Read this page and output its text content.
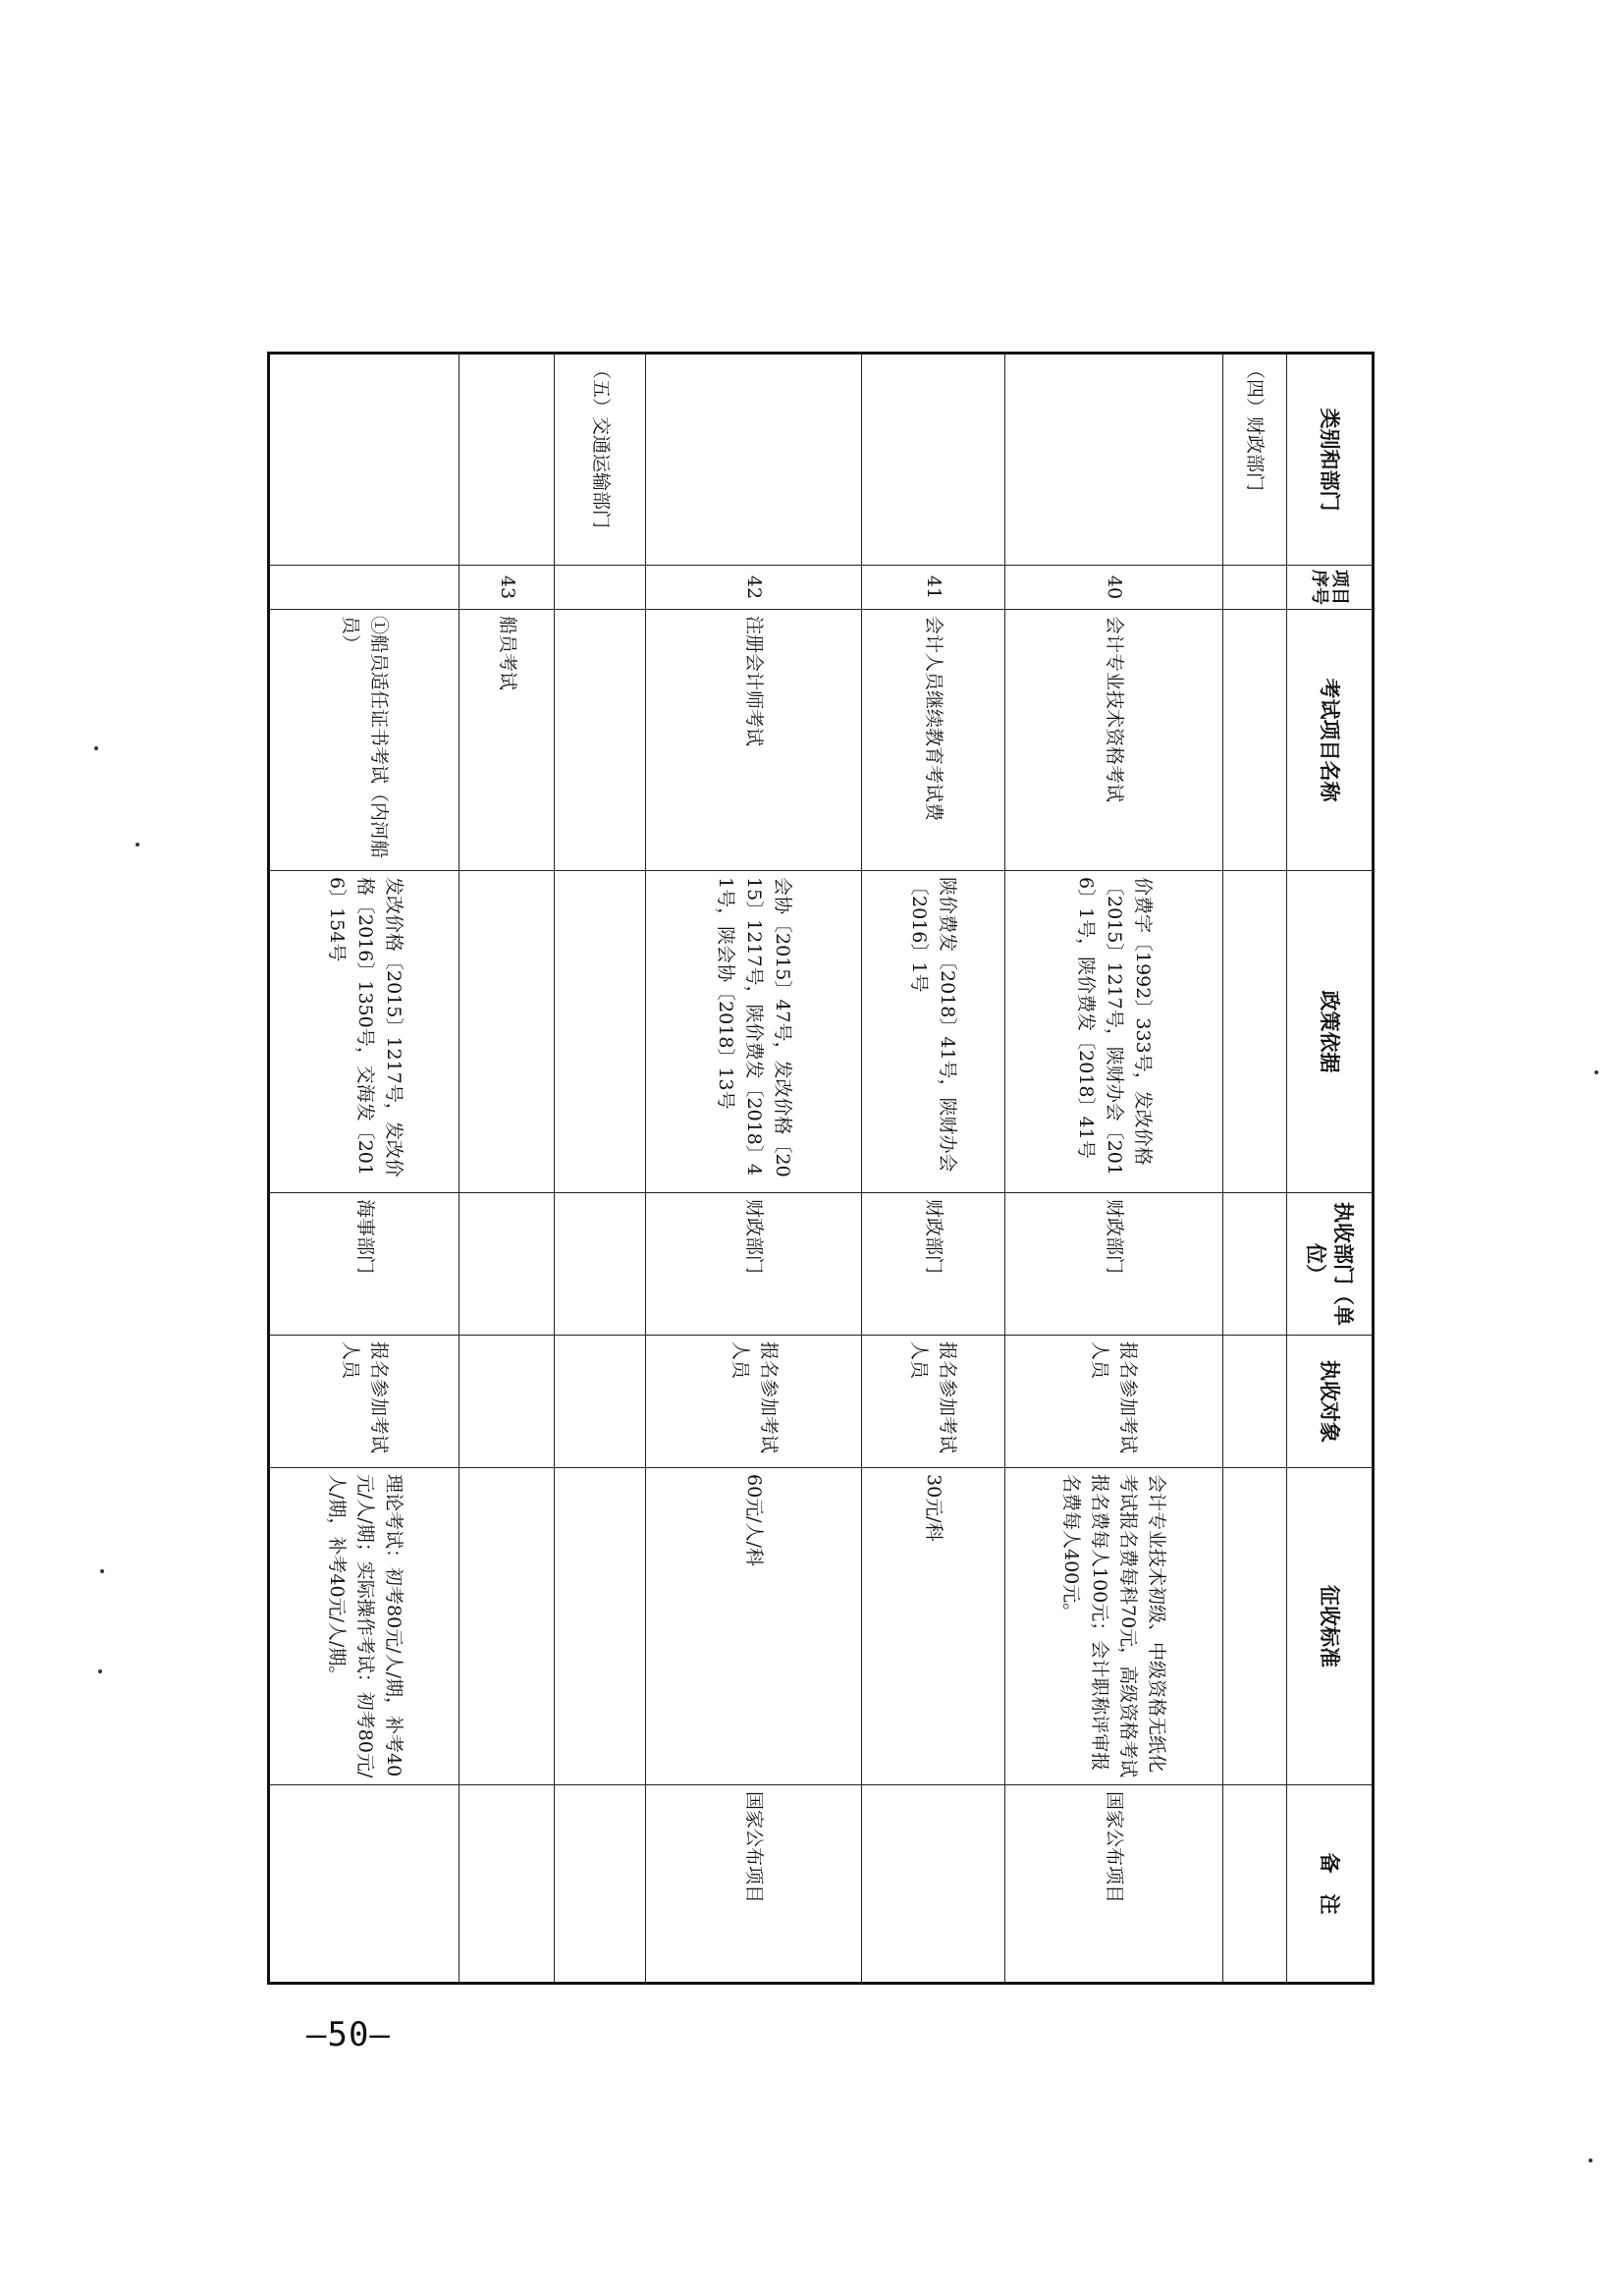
类别和部门	项目序号	考试项目名称	政策依据	执收部门（单位）	执收对象	征收标准	备　注
（四）财政部门							
	40	会计专业技术资格考试	价费字〔1992〕333号，发改价格〔2015〕1217号，陕财办会〔2016〕1号，陕价费发〔2018〕41号	财政部门	报名参加考试人员	会计专业技术初级、中级资格无纸化考试报名费每科70元，高级资格考试报名费每人100元；会计职称评审报名费每人400元。	国家公布项目
	41	会计人员继续教育考试费	陕价费发〔2018〕41号，陕财办会〔2016〕1号	财政部门	报名参加考试人员	30元/科	
	42	注册会计师考试	会协〔2015〕47号，发改价格〔2015〕1217号，陕价费发〔2018〕41号，陕会协〔2018〕13号	财政部门	报名参加考试人员	60元/人/科	国家公布项目
（五）交通运输部门							
	43	船员考试					
		①船员适任证书考试（内河船员）	发改价格〔2015〕1217号，发改价格〔2016〕1350号，交海发〔2016〕154号	海事部门	报名参加考试人员	理论考试：初考80元/人/期，补考40元/人/期；实际操作考试：初考80元/人/期，补考40元/人/期。	
—50—
